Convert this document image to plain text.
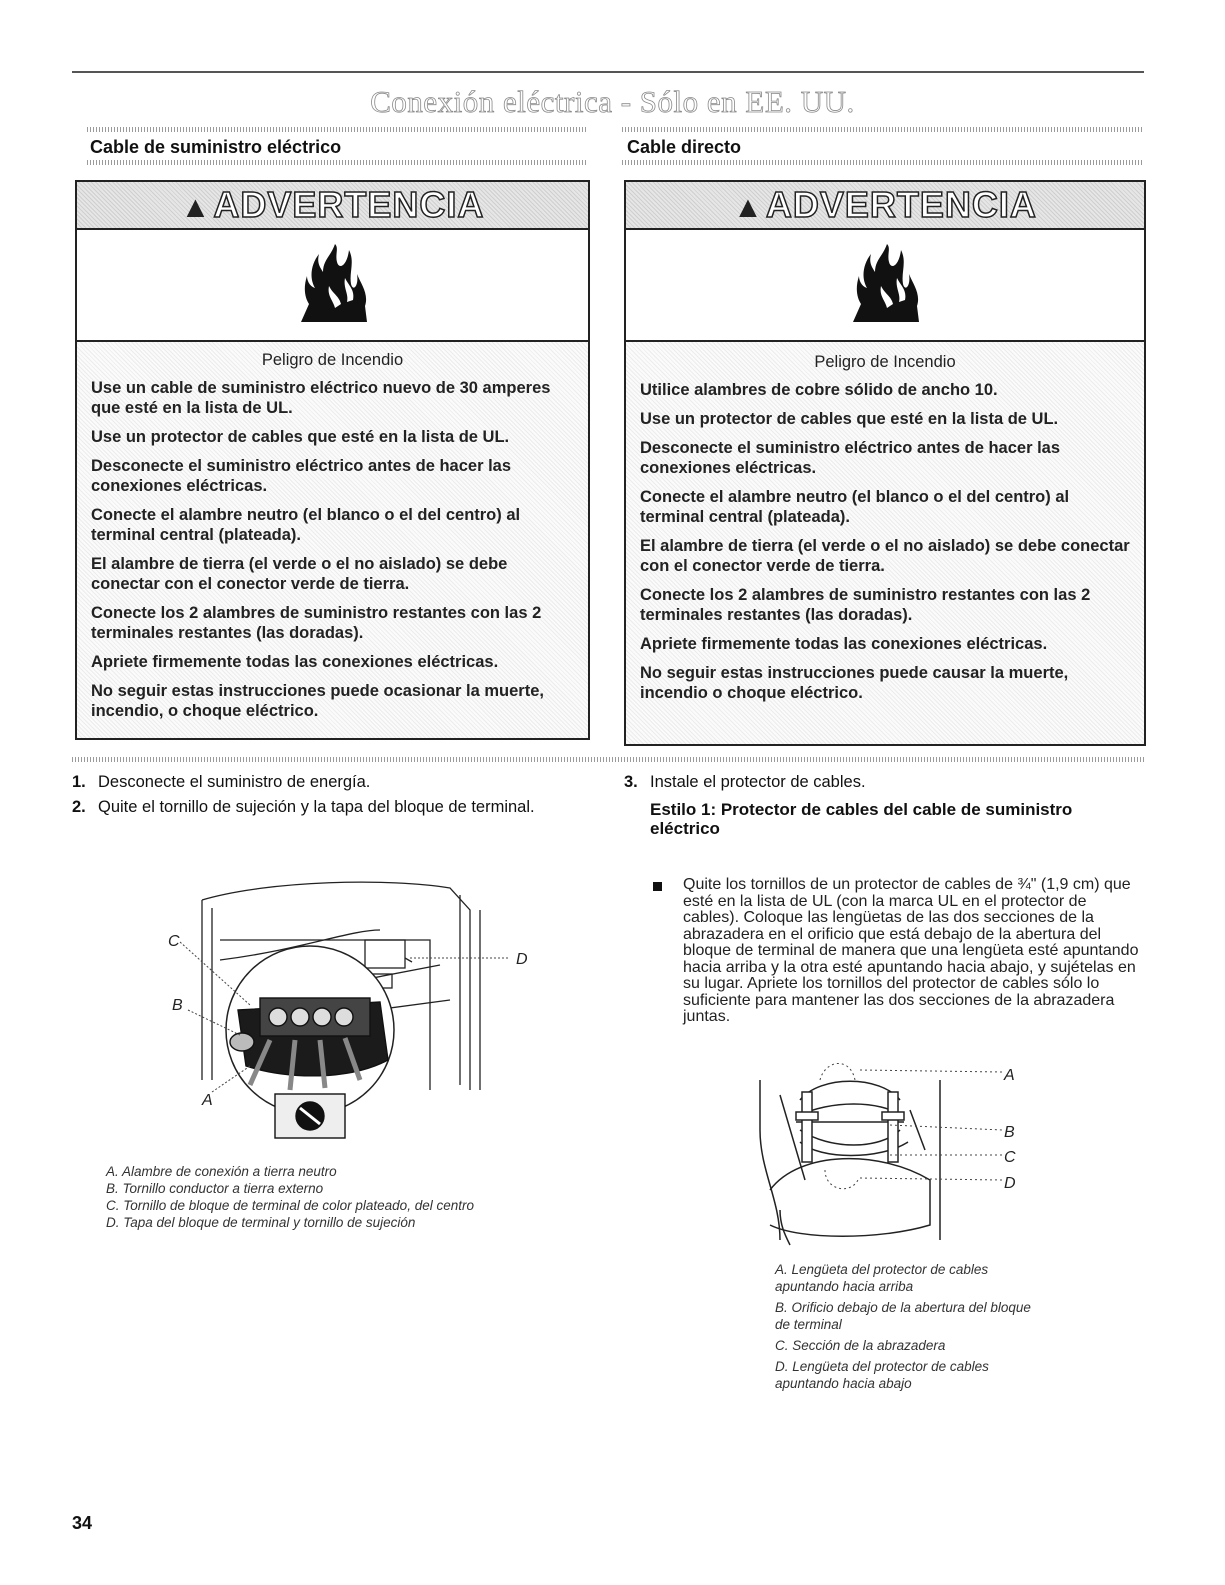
Conexión eléctrica - Sólo en EE. UU.
Cable de suministro eléctrico
▲ADVERTENCIA

Peligro de Incendio

Use un cable de suministro eléctrico nuevo de 30 amperes que esté en la lista de UL.

Use un protector de cables que esté en la lista de UL.

Desconecte el suministro eléctrico antes de hacer las conexiones eléctricas.

Conecte el alambre neutro (el blanco o el del centro) al terminal central (plateada).

El alambre de tierra (el verde o el no aislado) se debe conectar con el conector verde de tierra.

Conecte los 2 alambres de suministro restantes con las 2 terminales restantes (las doradas).

Apriete firmemente todas las conexiones eléctricas.

No seguir estas instrucciones puede ocasionar la muerte, incendio, o choque eléctrico.

1. Desconecte el suministro de energía.
2. Quite el tornillo de sujeción y la tapa del bloque de terminal.
C
B
A
D
A. Alambre de conexión a tierra neutro
B. Tornillo conductor a tierra externo
C. Tornillo de bloque de terminal de color plateado, del centro
D. Tapa del bloque de terminal y tornillo de sujeción
Cable directo
▲ADVERTENCIA

Peligro de Incendio

Utilice alambres de cobre sólido de ancho 10.

Use un protector de cables que esté en la lista de UL.

Desconecte el suministro eléctrico antes de hacer las conexiones eléctricas.

Conecte el alambre neutro (el blanco o el del centro) al terminal central (plateada).

El alambre de tierra (el verde o el no aislado) se debe conectar con el conector verde de tierra.

Conecte los 2 alambres de suministro restantes con las 2 terminales restantes (las doradas).

Apriete firmemente todas las conexiones eléctricas.

No seguir estas instrucciones puede causar la muerte, incendio o choque eléctrico.

3. Instale el protector de cables.
Estilo 1: Protector de cables del cable de suministro eléctrico
Quite los tornillos de un protector de cables de ¾" (1,9 cm) que esté en la lista de UL (con la marca UL en el protector de cables). Coloque las lengüetas de las dos secciones de la abrazadera en el orificio que está debajo de la abertura del bloque de terminal de manera que una lengüeta esté apuntando hacia arriba y la otra esté apuntando hacia abajo, y sujételas en su lugar. Apriete los tornillos del protector de cables sólo lo suficiente para mantener las dos secciones de la abrazadera juntas.
A
B
C
D
A. Lengüeta del protector de cables apuntando hacia arriba
B. Orificio debajo de la abertura del bloque de terminal
C. Sección de la abrazadera
D. Lengüeta del protector de cables apuntando hacia abajo
34
